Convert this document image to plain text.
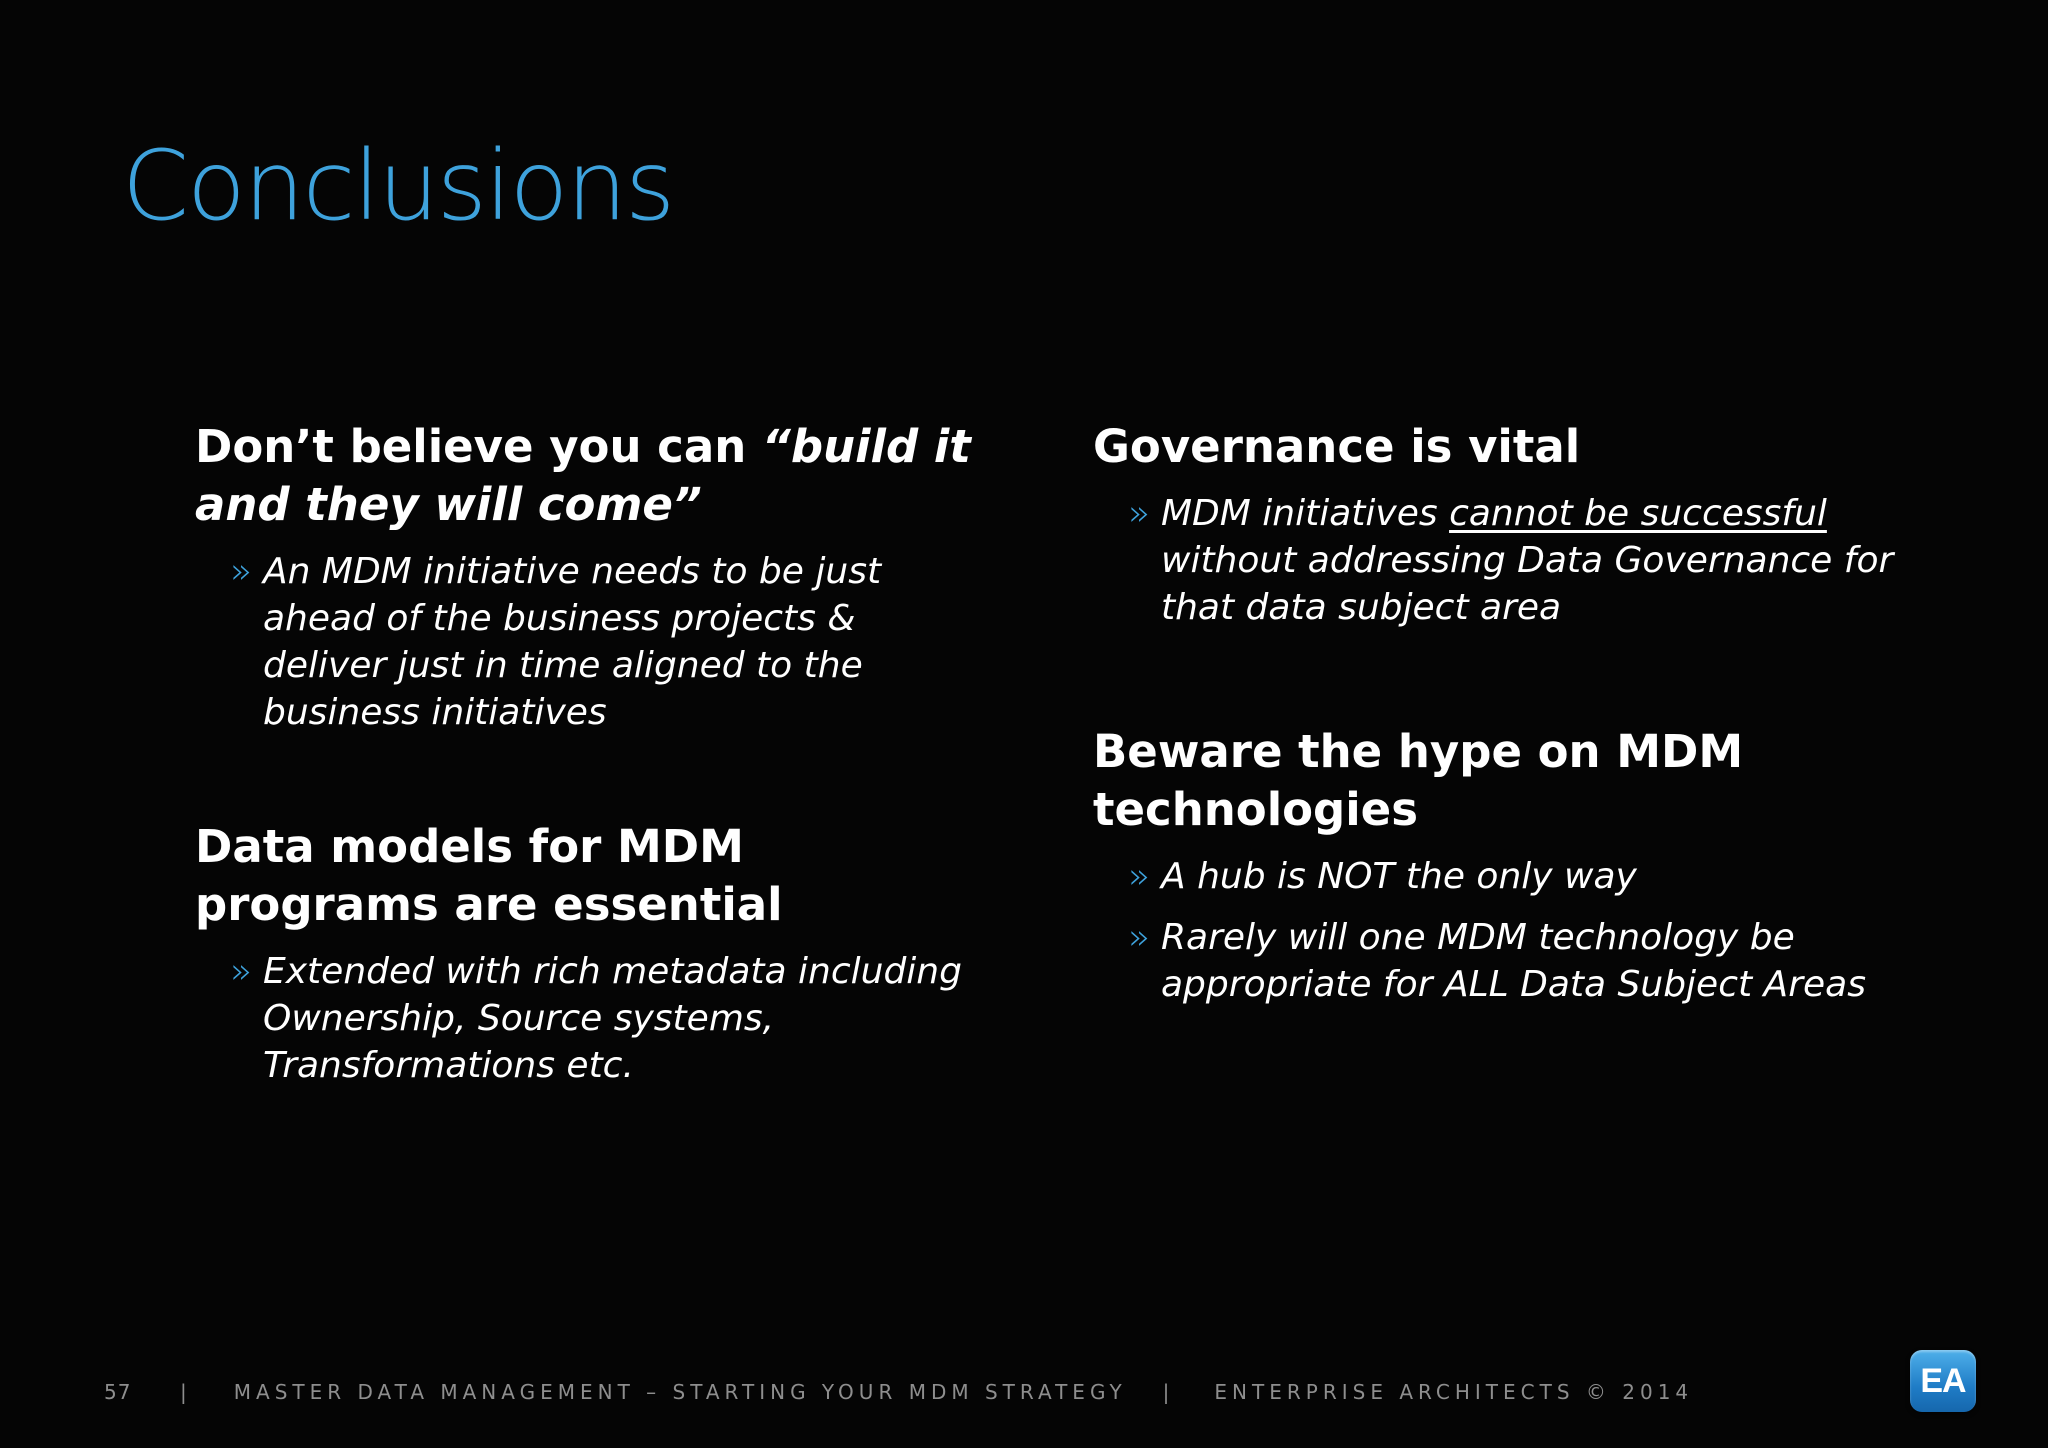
Conclusions

Don’t believe you can “build it and they will come”

» An MDM initiative needs to be just ahead of the business projects & deliver just in time aligned to the business initiatives

Data models for MDM programs are essential

» Extended with rich metadata including Ownership, Source systems, Transformations etc.

Governance is vital

» MDM initiatives cannot be successful without addressing Data Governance for that data subject area

Beware the hype on MDM technologies

» A hub is NOT the only way
» Rarely will one MDM technology be appropriate for ALL Data Subject Areas
57	| MASTER DATA MANAGEMENT – STARTING YOUR MDM STRATEGY | ENTERPRISE ARCHITECTS © 2014	EA
